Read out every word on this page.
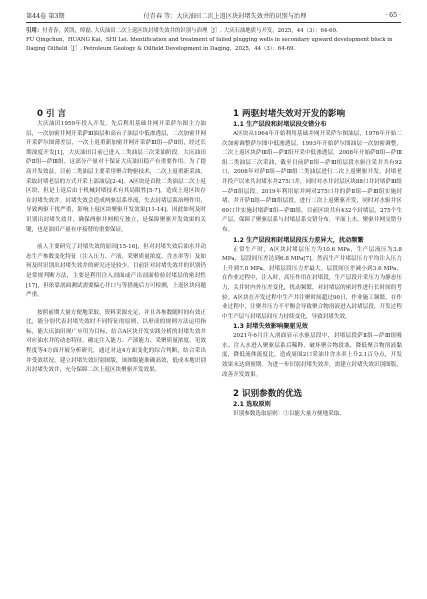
第44卷 第3期	付青春 等：大庆油田二次上返区块封堵失效井的识别与治理	· 65 ·
引用：付青春，黄凯，绰磊. 大庆油田二次上返区块封堵失效井的识别与治理［J］. 大庆石油地质与开发，2025，44（3）：64-69.
FU Qingchun，HUANG Kai，SHI Lei. Identification and treatment of failed plugging wells in secondary upward development block in Daqing Oilfield［J］. Petroleum Geology & Oilfield Development in Daqing，2025，44（3）：64-69.

0 引 言

大庆油田1959年投入开发，先后利用基础井网开采萨尔图主力油层，一次加密井网开采萨Ⅲ油层和高台子油层中低渗透层，二次加密井网开采萨尔图薄差层，一次上返重新加密井网开采萨Ⅲ组—萨Ⅱ组，经过长期深度开发[1]，大庆油田目前已进入二类油层三次采油阶段。大庆油田萨Ⅱ组—萨Ⅲ组，这部分产量对于保证大庆油田稳产有重要作用。为了提高开发效益，目前二类油层主要采用聚合物驱技术，二次上返重新采油，采取封堵老层的方式开采上部油层[2-4]。A区块是首批二类油层二次上返区块，但是上返后由于机械封堵技术有其局限性[5-7]，造成上返区块存在封堵失效井。封堵失效会造成两驱层系串流，失去封堵层系治理作用，导致两驱干扰严重，影响上返区块聚驱开发效果[11-14]。因此如何及时识别出封堵失效井，确保两驱井网相互独立，是保障聚驱开发效果的关键，也是油田产量有序接替的重要保证。

前人主要研究了封堵失效的原因[15-16]，但对封堵失效后油水井动态生产参数变化特征（注入压力、产液、采聚质量浓度、含水率等）及如何及时识别出封堵失效井的研究还是较少。目前针对封堵失效井的识别仍是常规判断方法，主要是利用注入剖面或产出剖面检验封堵层的密封性[17]，但依靠剖面测试需要偏心井口与等措施后方可检测，上返区块问题严重。

按照前期大量方便地采取、资料采源充足，并且各参数随时间有效正比，能分别代表封堵失效时不同特征的原则，以形成的规则方法运用指标，能大庆油田现广应用为目标，结合A区块开发实践分析的封堵失效井对应油水井的动态特征，确定注入能力、产液能力、采聚质量浓度、见效程度等4方面开展分析研究，通过对这4方面变化的综合判断，结合采出井受效状况，建立封堵失效识别图版，该图版能准确高效，低成本地识别出封堵失效井，充分保障二次上返区块聚驱开发效果。

1 两驱封堵失效对开发的影响

1.1 生产层段和封堵层段交错分布

A区块从1964年开始利用基础井网开采萨尔图油层，1976年开始二次加密调整萨尔图中低渗透层，1993年开始萨尔图油层一次加密调整，二次上返区块萨Ⅲ组—萨Ⅱ组开采中低渗透层，2008年开始萨Ⅱ组—萨Ⅲ组二类油层三次采油，截至目前萨Ⅱ组—萨Ⅲ组层段水驱注采井共有92口，2008年对萨Ⅱ组—萨Ⅲ组二类油层进行二次上返聚驱开发，封堵老井投产以来共封堵水井275口井，同时对水井封层区块88口井封堵萨Ⅲ组—萨Ⅱ组层段。2019年利用原井网对275口井的萨Ⅱ组—萨Ⅲ组实施封堵，井开萨Ⅱ组—萨Ⅲ组层段，进行二次上返聚驱开发，同时对水驱井区69口井实施封堵萨Ⅱ组—萨Ⅲ组。目前区块共有432个封堵层，275个生产层，保障了聚驱层系与封堵层系交错分布，平面上水、聚驱井网交错分布。

1.2 生产层段和封堵层段压力差异大，扰动频繁

正常生产时，A区块封堵层压力为10.6 MPa，生产层流压为3.8 MPa，层段间压差达到6.8 MPa[7]。然而生产井堵层压力平均注入压力上升到7.0 MPa，封堵层段压力差最大。层段间压差减小到3.6 MPa，在作业过程中，注入时，高压作用在封堵段，生产层段开采压力为静态压力，关井时内外压差变化，扰动频繁，对封堵层的密封性进行长时间的考验。A区块在开发过程中生产井注聚时间超过90日，作业施工频繁。在作业过程中，注聚井压力不平衡会导致聚合物溶液进入封堵层段，开发过程中生产层与封堵层间压力持续变化，导致封堵失效。

1.3 封堵失效影响聚驱见效

2021年6月注入剖面显示水驱层段中，封堵层段萨Ⅱ组—萨Ⅲ组吸水。注入水进入聚驱层系后稀释，破坏聚合物段塞，降低聚合物溶液黏度，降低流体流度比，造成周围2口采油井含水率上升2.1百分点，开发效果未达到预期。为进一步识别封堵失效井，需建立封堵失效识别图版，改善开发效果。

2 识别参数的优选

2.1 选取原则

识别参数选取原则：①以能大量方便地采取、
